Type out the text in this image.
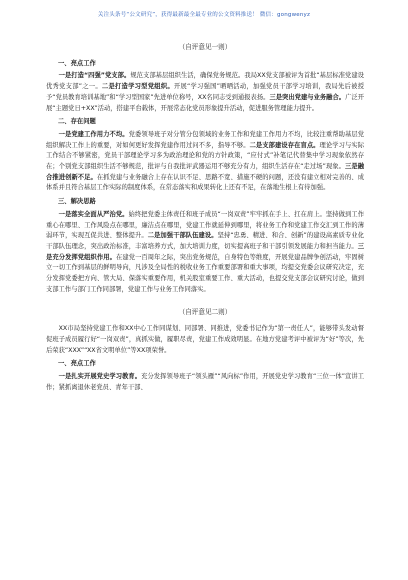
关注头条号“公文研究”，获得最新最全最专业的公文资料推送！ 微信：gongwenyz
（自评意见一则）
一、亮点工作

一是打造“四强”党支部。规范支部基层组织生活，确保党务规范。我局XX党支部被评为首批“基层标准党建设优秀党支部”之一。二是打造学习型党组织。开展“学习强国”晒晒活动，加强党员干部学习培训，我局先后被授予“党员教育培训基地”和“学习型国家”先进单位称号，XX名同志受到通报表扬。三是突出党建与业务融合。广泛开展“主题党日+XX”活动，搭建平台载体，开展常态化党员形象提升活动，促进服务管理能力提升。

二、存在问题

一是党建工作用力不均。党委领导班子对分管分包领域的业务工作和党建工作用力不均，比较注重帮助基层党组织解决工作上的重要，对如何更好发挥党建作用过问不多，指导不够。二是支部建设存在盲点。理论学习与实际工作结合不够紧密，党员干部理论学习多为政治理论和党的方针政策，“应付式”补笔记代替集中学习现象依然存在；个别党支部组织生活不够规范，批评与自我批评武器运用不够充分有力，组织生活存在“走过场”现象。三是融合推进创新不足。在抓党建与业务融合上存在认识不足、思路不宽、措施不硬的问题，还没有建立相对完善的、成体系并且符合基层工作实际的制度体系，在常态落实和成果转化上还有不足，在落地生根上有待加强。

三、解决思路

一是落实全面从严治党。始终把党委主体责任和班子成员“一岗双责”牢牢抓在手上、扛在肩上。坚持做到工作重心在哪里、工作风险点在哪里，廉洁点在哪里，党建工作就延伸到哪里，将业务工作和党建工作交汇到工作的薄弱环节，实现互促共进、整体提升。二是加强干部队伍建设。坚持“忠勇、精进、和合、创新”的建设高素质专业化干部队伍理念，突出政治标准，丰富培养方式，加大培训力度，切实提高班子和干部引领发展能力和担当能力。三是充分发挥党组织作用。在建党一百周年之际，突出党务规范，自身特色等维度，开展党建品牌争创活动，牢固树立一切工作到基层的鲜明导向，凡涉及全局性的税收业务工作重要部署和重大事项，均提交党委会议研究决定，充分发挥党委把方向、管大局、保落实重要作用，机关股室重要工作、重大活动，也提交党支部会议研究讨论，做到支部工作与部门工作同部署，党建工作与业务工作同落实。

（自评意见二则）

XX市局坚持党建工作和XX中心工作同谋划、同部署、同推进，党委书记作为“第一责任人”，能够带头发动督促班子成员履行好“一岗双责”，真抓实做，履职尽责，党建工作成效明显。在地方党建考评中被评为“好”等次，先后荣获“XXX”“XX省文明单位”等XX项荣誉。

一、亮点工作

一是扎实开展党史学习教育。充分发挥领导班子“领头雁”“风向标”作用，开展党史学习教育“三位一体”宣讲工作；紧抓离退休老党员、青年干部、
